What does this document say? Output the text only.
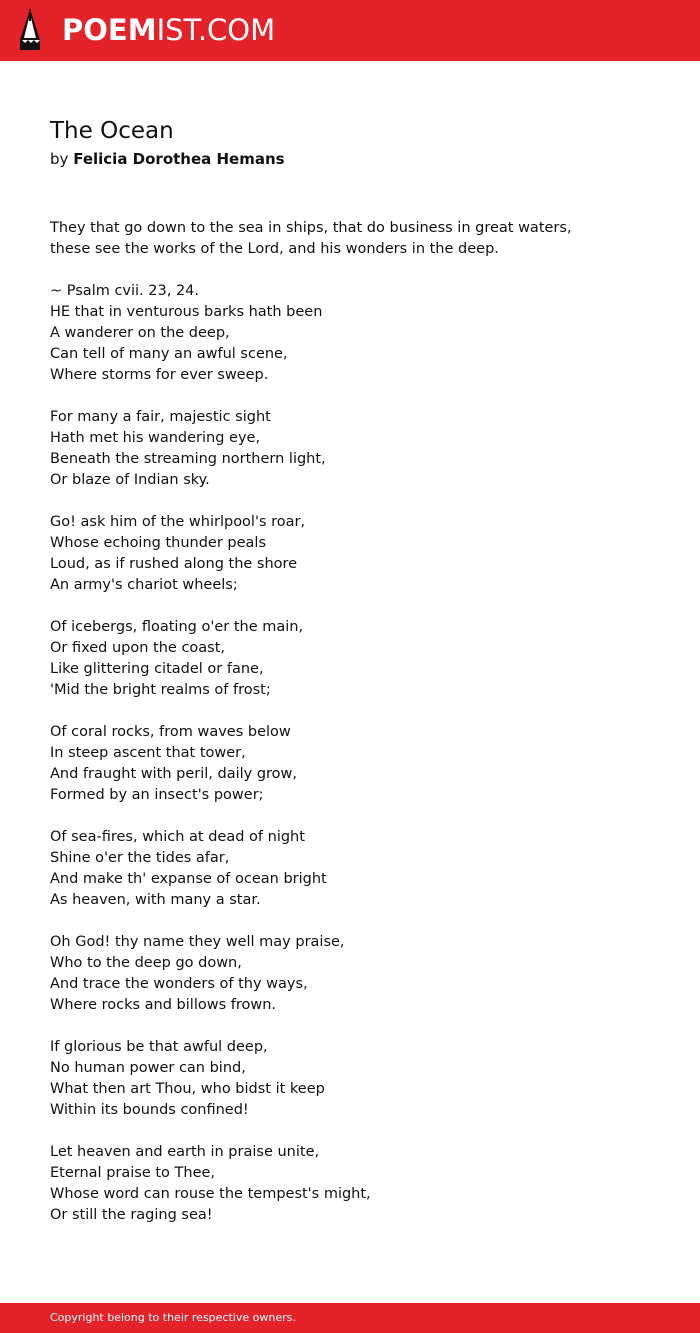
POEMIST.COM
The Ocean
by Felicia Dorothea Hemans
They that go down to the sea in ships, that do business in great waters,
these see the works of the Lord, and his wonders in the deep.
~ Psalm cvii. 23, 24.
HE that in venturous barks hath been
A wanderer on the deep,
Can tell of many an awful scene,
Where storms for ever sweep.
For many a fair, majestic sight
Hath met his wandering eye,
Beneath the streaming northern light,
Or blaze of Indian sky.
Go! ask him of the whirlpool's roar,
Whose echoing thunder peals
Loud, as if rushed along the shore
An army's chariot wheels;
Of icebergs, floating o'er the main,
Or fixed upon the coast,
Like glittering citadel or fane,
'Mid the bright realms of frost;
Of coral rocks, from waves below
In steep ascent that tower,
And fraught with peril, daily grow,
Formed by an insect's power;
Of sea-fires, which at dead of night
Shine o'er the tides afar,
And make th' expanse of ocean bright
As heaven, with many a star.
Oh God! thy name they well may praise,
Who to the deep go down,
And trace the wonders of thy ways,
Where rocks and billows frown.
If glorious be that awful deep,
No human power can bind,
What then art Thou, who bidst it keep
Within its bounds confined!
Let heaven and earth in praise unite,
Eternal praise to Thee,
Whose word can rouse the tempest's might,
Or still the raging sea!
Copyright belong to their respective owners.
